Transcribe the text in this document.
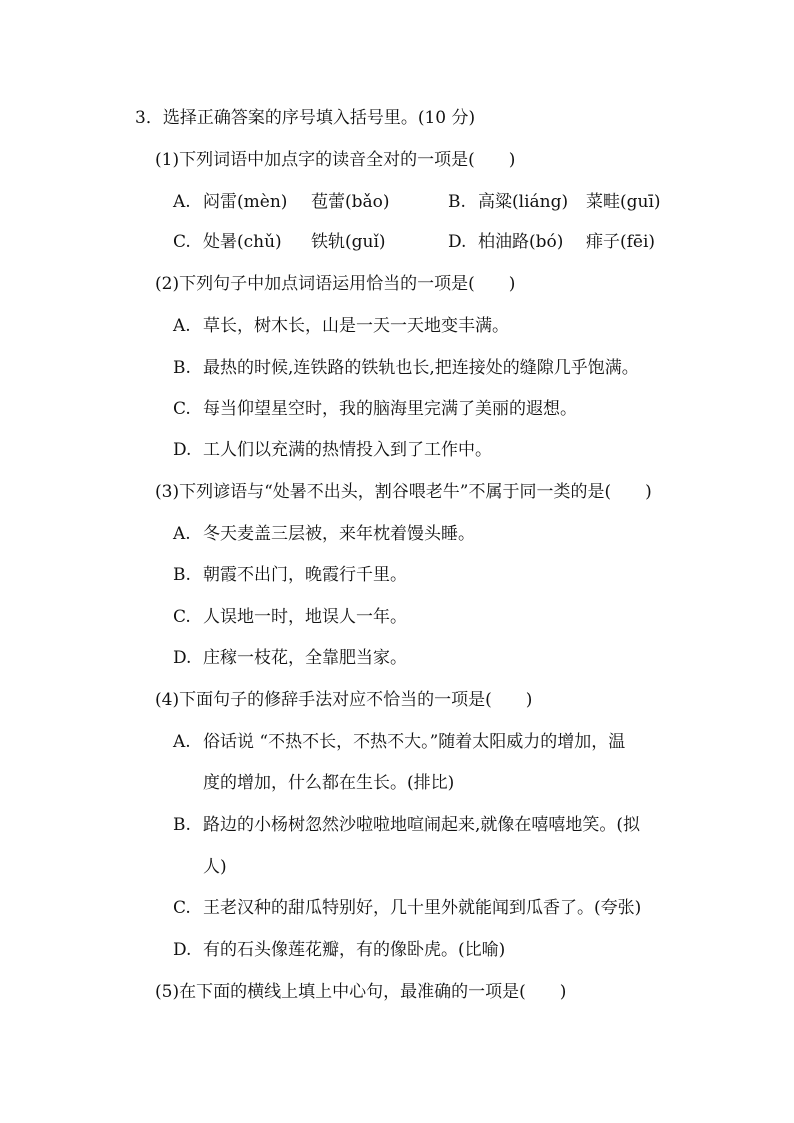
3．选择正确答案的序号填入括号里。(10 分)
(1)下列词语中加点字的读音全对的一项是(　　)
A. 闷雷(mèn) 苞蕾(bǎo)	B. 高粱(liáng) 菜畦(guī)
C. 处暑(chǔ) 铁轨(guǐ)	D. 柏油路(bó) 痱子(fēi)
(2)下列句子中加点词语运用恰当的一项是(　　)
A. 草长，树木长，山是一天一天地变丰满。
B. 最热的时候,连铁路的铁轨也长,把连接处的缝隙几乎饱满。
C. 每当仰望星空时，我的脑海里完满了美丽的遐想。
D. 工人们以充满的热情投入到了工作中。
(3)下列谚语与“处暑不出头，割谷喂老牛”不属于同一类的是(　　)
A. 冬天麦盖三层被，来年枕着馒头睡。
B. 朝霞不出门，晚霞行千里。
C. 人误地一时，地误人一年。
D. 庄稼一枝花，全靠肥当家。
(4)下面句子的修辞手法对应不恰当的一项是(　　)
A. 俗话说 “不热不长，不热不大。”随着太阳威力的增加，温
度的增加，什么都在生长。(排比)
B. 路边的小杨树忽然沙啦啦地喧闹起来,就像在嘻嘻地笑。(拟
人)
C. 王老汉种的甜瓜特别好，几十里外就能闻到瓜香了。(夸张)
D. 有的石头像莲花瓣，有的像卧虎。(比喻)
(5)在下面的横线上填上中心句，最准确的一项是(　　)
